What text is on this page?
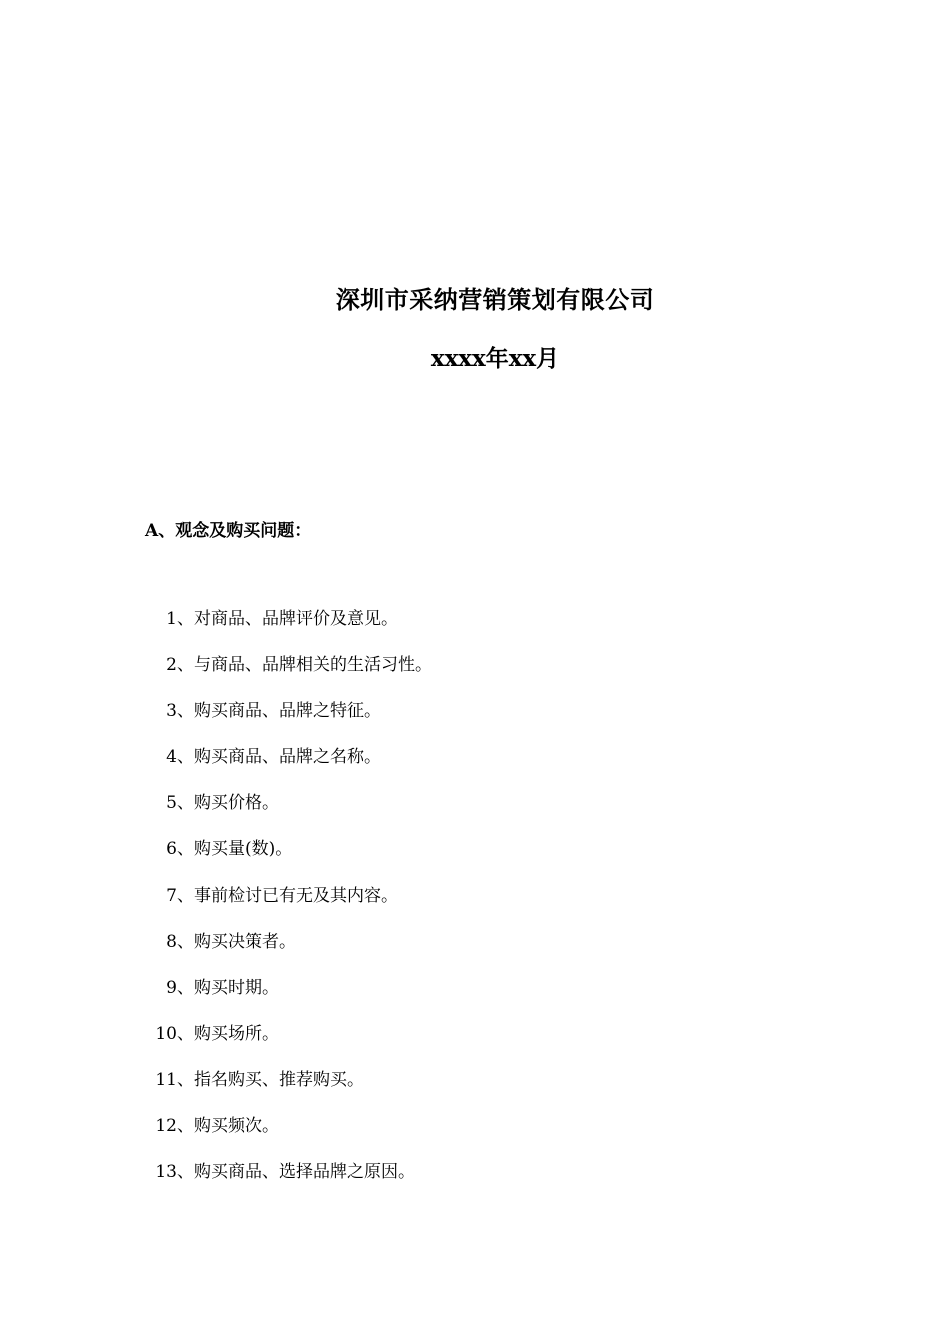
深圳市采纳营销策划有限公司
xxxx年xx月
A、观念及购买问题：
1、对商品、品牌评价及意见。
2、与商品、品牌相关的生活习性。
3、购买商品、品牌之特征。
4、购买商品、品牌之名称。
5、购买价格。
6、购买量(数)。
7、事前检讨已有无及其内容。
8、购买决策者。
9、购买时期。
10、购买场所。
11、指名购买、推荐购买。
12、购买频次。
13、购买商品、选择品牌之原因。
